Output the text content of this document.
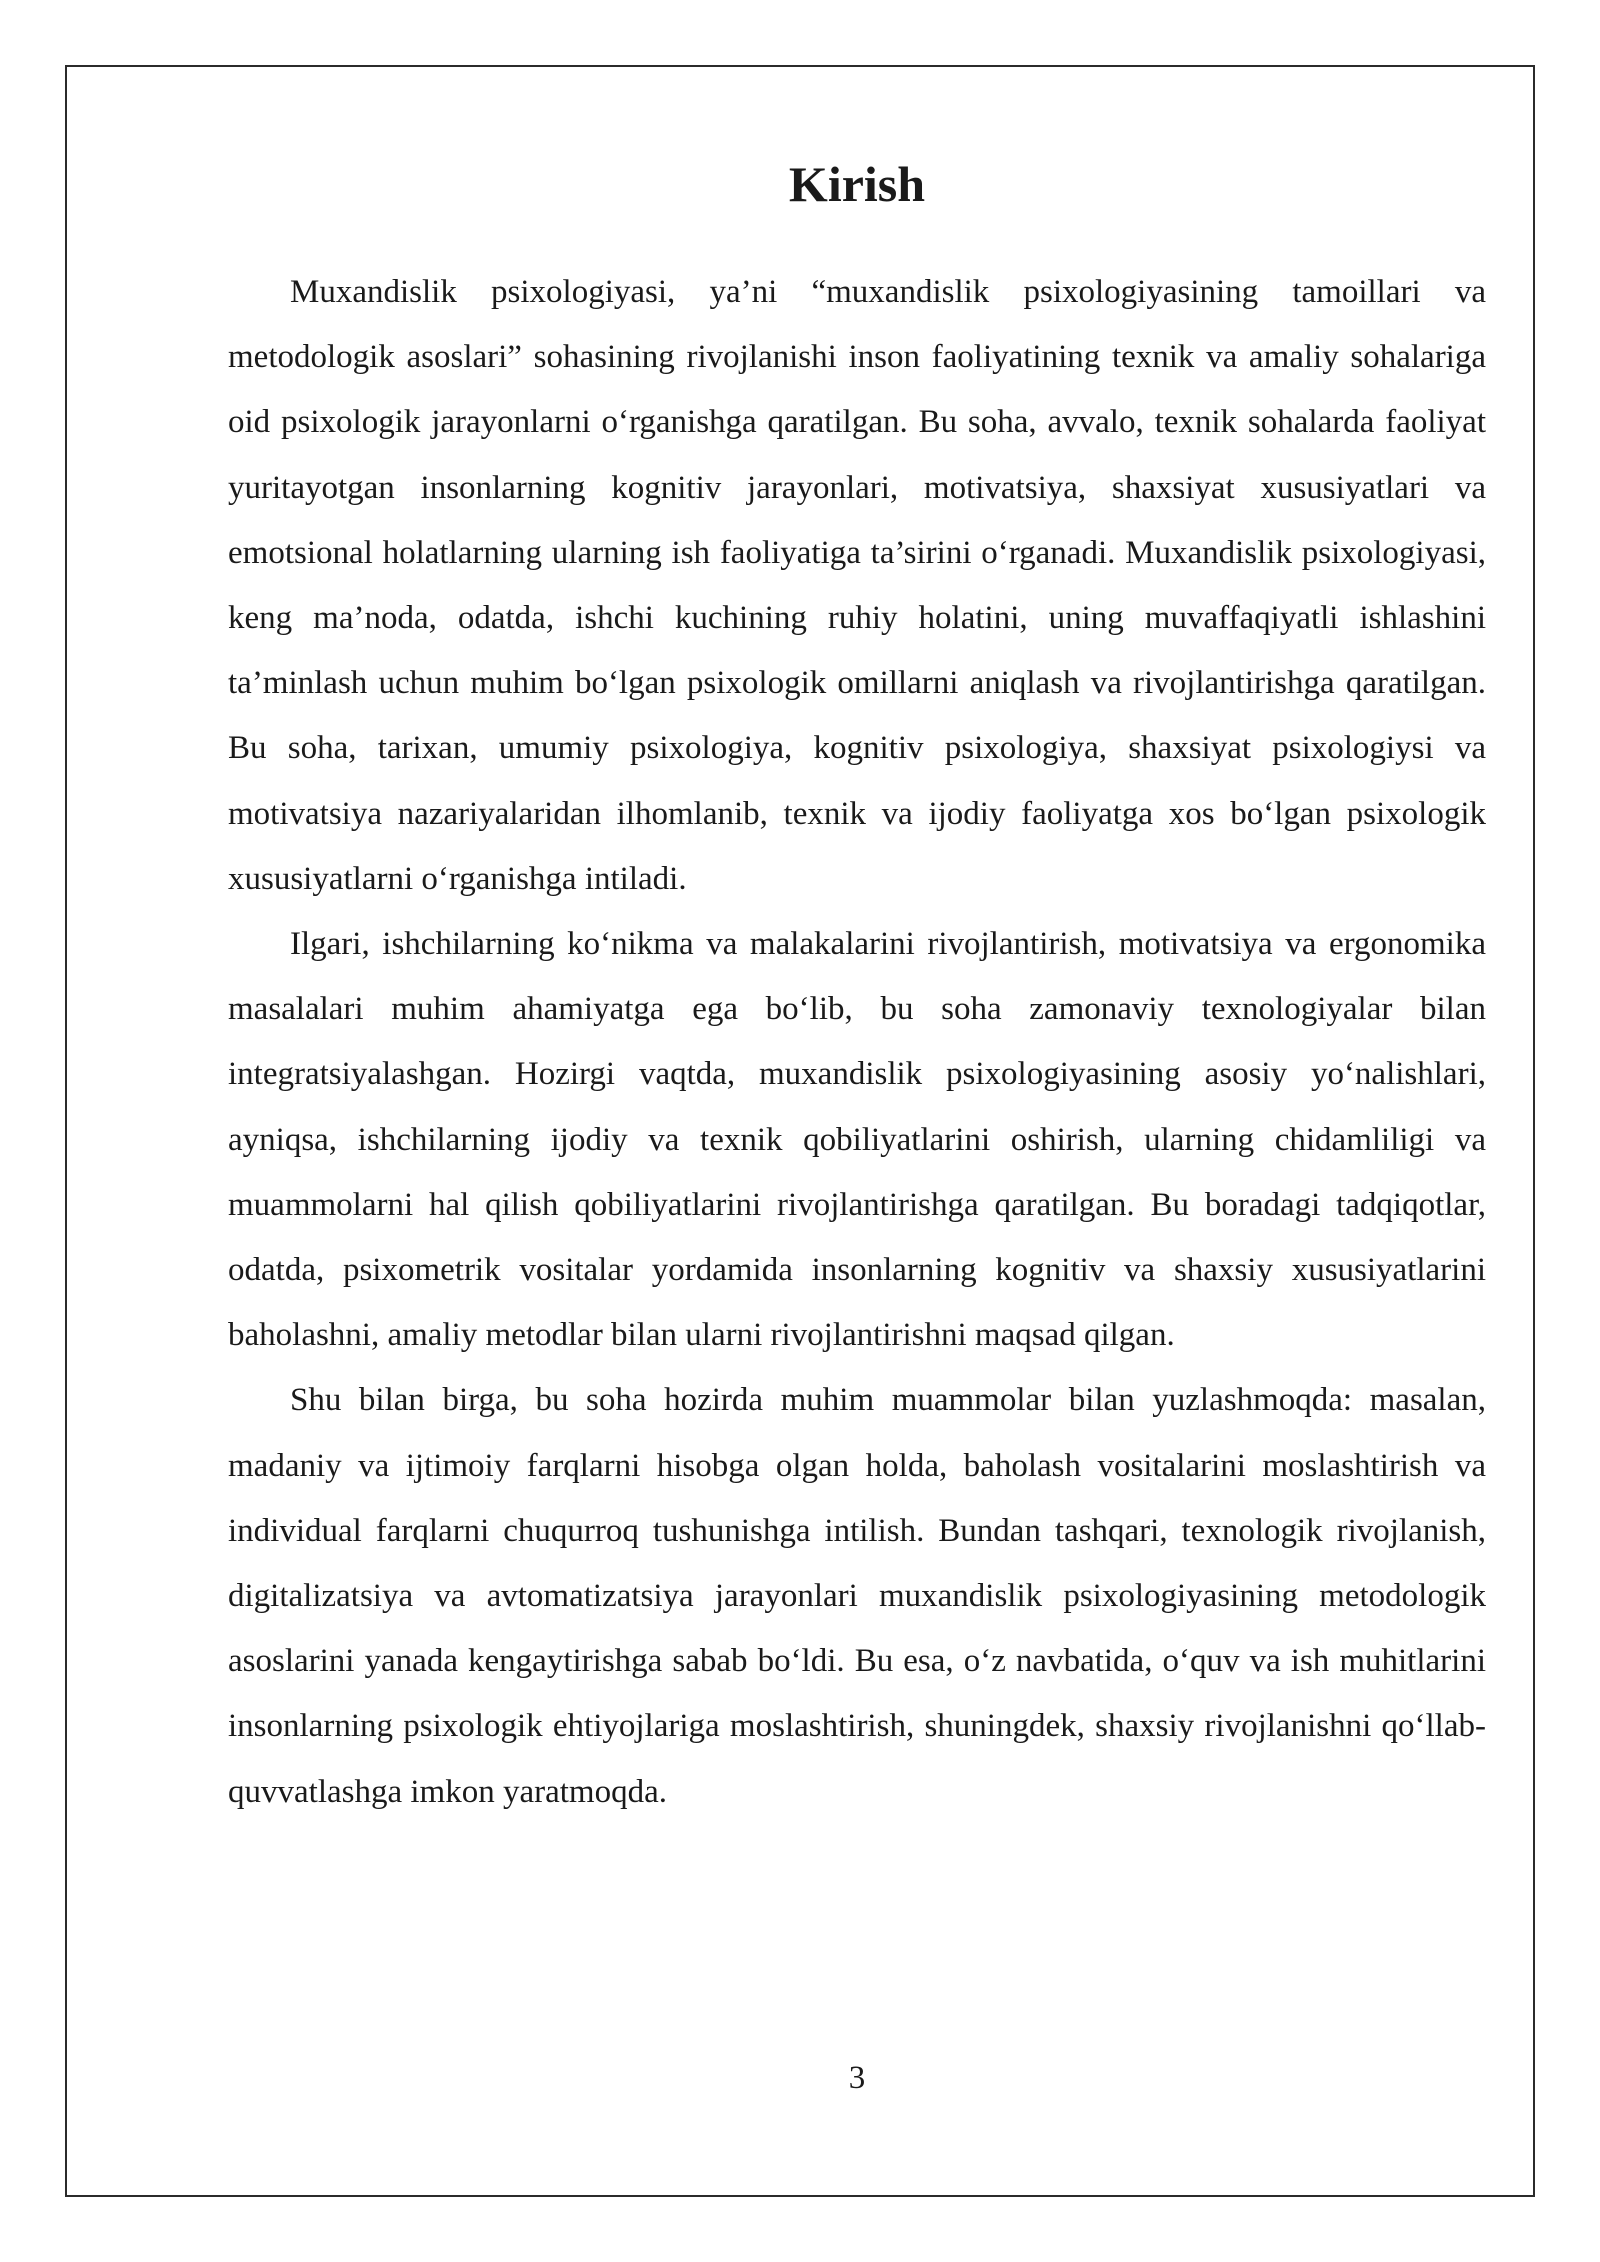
Kirish

Muxandislik psixologiyasi, ya’ni “muxandislik psixologiyasining tamoillari va metodologik asoslari” sohasining rivojlanishi inson faoliyatining texnik va amaliy sohalariga oid psixologik jarayonlarni o‘rganishga qaratilgan. Bu soha, avvalo, texnik sohalarda faoliyat yuritayotgan insonlarning kognitiv jarayonlari, motivatsiya, shaxsiyat xususiyatlari va emotsional holatlarning ularning ish faoliyatiga ta’sirini o‘rganadi. Muxandislik psixologiyasi, keng ma’noda, odatda, ishchi kuchining ruhiy holatini, uning muvaffaqiyatli ishlashini ta’minlash uchun muhim bo‘lgan psixologik omillarni aniqlash va rivojlantirishga qaratilgan. Bu soha, tarixan, umumiy psixologiya, kognitiv psixologiya, shaxsiyat psixologiysi va motivatsiya nazariyalaridan ilhomlanib, texnik va ijodiy faoliyatga xos bo‘lgan psixologik xususiyatlarni o‘rganishga intiladi.

Ilgari, ishchilarning ko‘nikma va malakalarini rivojlantirish, motivatsiya va ergonomika masalalari muhim ahamiyatga ega bo‘lib, bu soha zamonaviy texnologiyalar bilan integratsiyalashgan. Hozirgi vaqtda, muxandislik psixologiyasining asosiy yo‘nalishlari, ayniqsa, ishchilarning ijodiy va texnik qobiliyatlarini oshirish, ularning chidamliligi va muammolarni hal qilish qobiliyatlarini rivojlantirishga qaratilgan. Bu boradagi tadqiqotlar, odatda, psixometrik vositalar yordamida insonlarning kognitiv va shaxsiy xususiyatlarini baholashni, amaliy metodlar bilan ularni rivojlantirishni maqsad qilgan.

Shu bilan birga, bu soha hozirda muhim muammolar bilan yuzlashmoqda: masalan, madaniy va ijtimoiy farqlarni hisobga olgan holda, baholash vositalarini moslashtirish va individual farqlarni chuqurroq tushunishga intilish. Bundan tashqari, texnologik rivojlanish, digitalizatsiya va avtomatizatsiya jarayonlari muxandislik psixologiyasining metodologik asoslarini yanada kengaytirishga sabab bo‘ldi. Bu esa, o‘z navbatida, o‘quv va ish muhitlarini insonlarning psixologik ehtiyojlariga moslashtirish, shuningdek, shaxsiy rivojlanishni qo‘llab-quvvatlashga imkon yaratmoqda.

3
